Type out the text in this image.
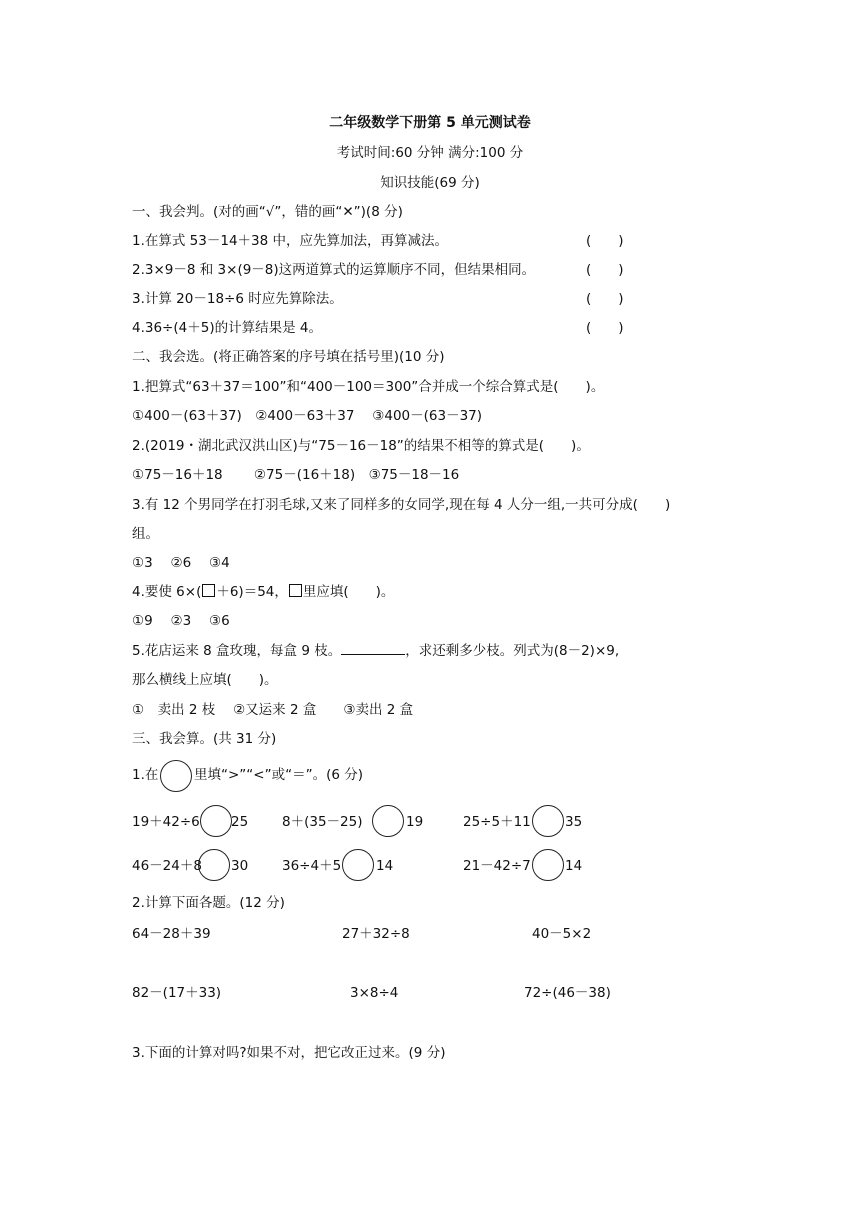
二年级数学下册第 5 单元测试卷
考试时间:60 分钟 满分:100 分
知识技能(69 分)
一、我会判。(对的画“√”，错的画“✕”)(8 分)
1.在算式 53－14＋38 中，应先算加法，再算减法。	(　　)
2.3×9－8 和 3×(9－8)这两道算式的运算顺序不同，但结果相同。	(　　)
3.计算 20－18÷6 时应先算除法。	(　　)
4.36÷(4＋5)的计算结果是 4。	(　　)
二、我会选。(将正确答案的序号填在括号里)(10 分)
1.把算式“63＋37＝100”和“400－100＝300”合并成一个综合算式是(　　)。
①400－(63＋37)　②400－63＋37　 ③400－(63－37)
2.(2019・湖北武汉洪山区)与“75－16－18”的结果不相等的算式是(　　)。
①75－16＋18　　 ②75－(16＋18)　③75－18－16
3.有 12 个男同学在打羽毛球,又来了同样多的女同学,现在每 4 人分一组,一共可分成(　　)
组。
①3　 ②6　 ③4
4.要使 6×( ＋6)＝54， 里应填(　　)。
①9　 ②3　 ③6
5.花店运来 8 盒玫瑰，每盒 9 枝。	，求还剩多少枝。列式为(8－2)×9,
那么横线上应填(　　)。
①　卖出 2 枝　 ②又运来 2 盒　　③卖出 2 盒
三、我会算。(共 31 分)
1.在	里填“>”“<”或“＝”。(6 分)
19＋42÷6 25	8＋(35－25)	19	25÷5＋11	35
46－24＋8 30	36÷4＋5	14	21－42÷7	14
2.计算下面各题。(12 分)
64－28＋39	27＋32÷8	40－5×2
82－(17＋33)	3×8÷4	72÷(46－38)
3.下面的计算对吗?如果不对，把它改正过来。(9 分)
